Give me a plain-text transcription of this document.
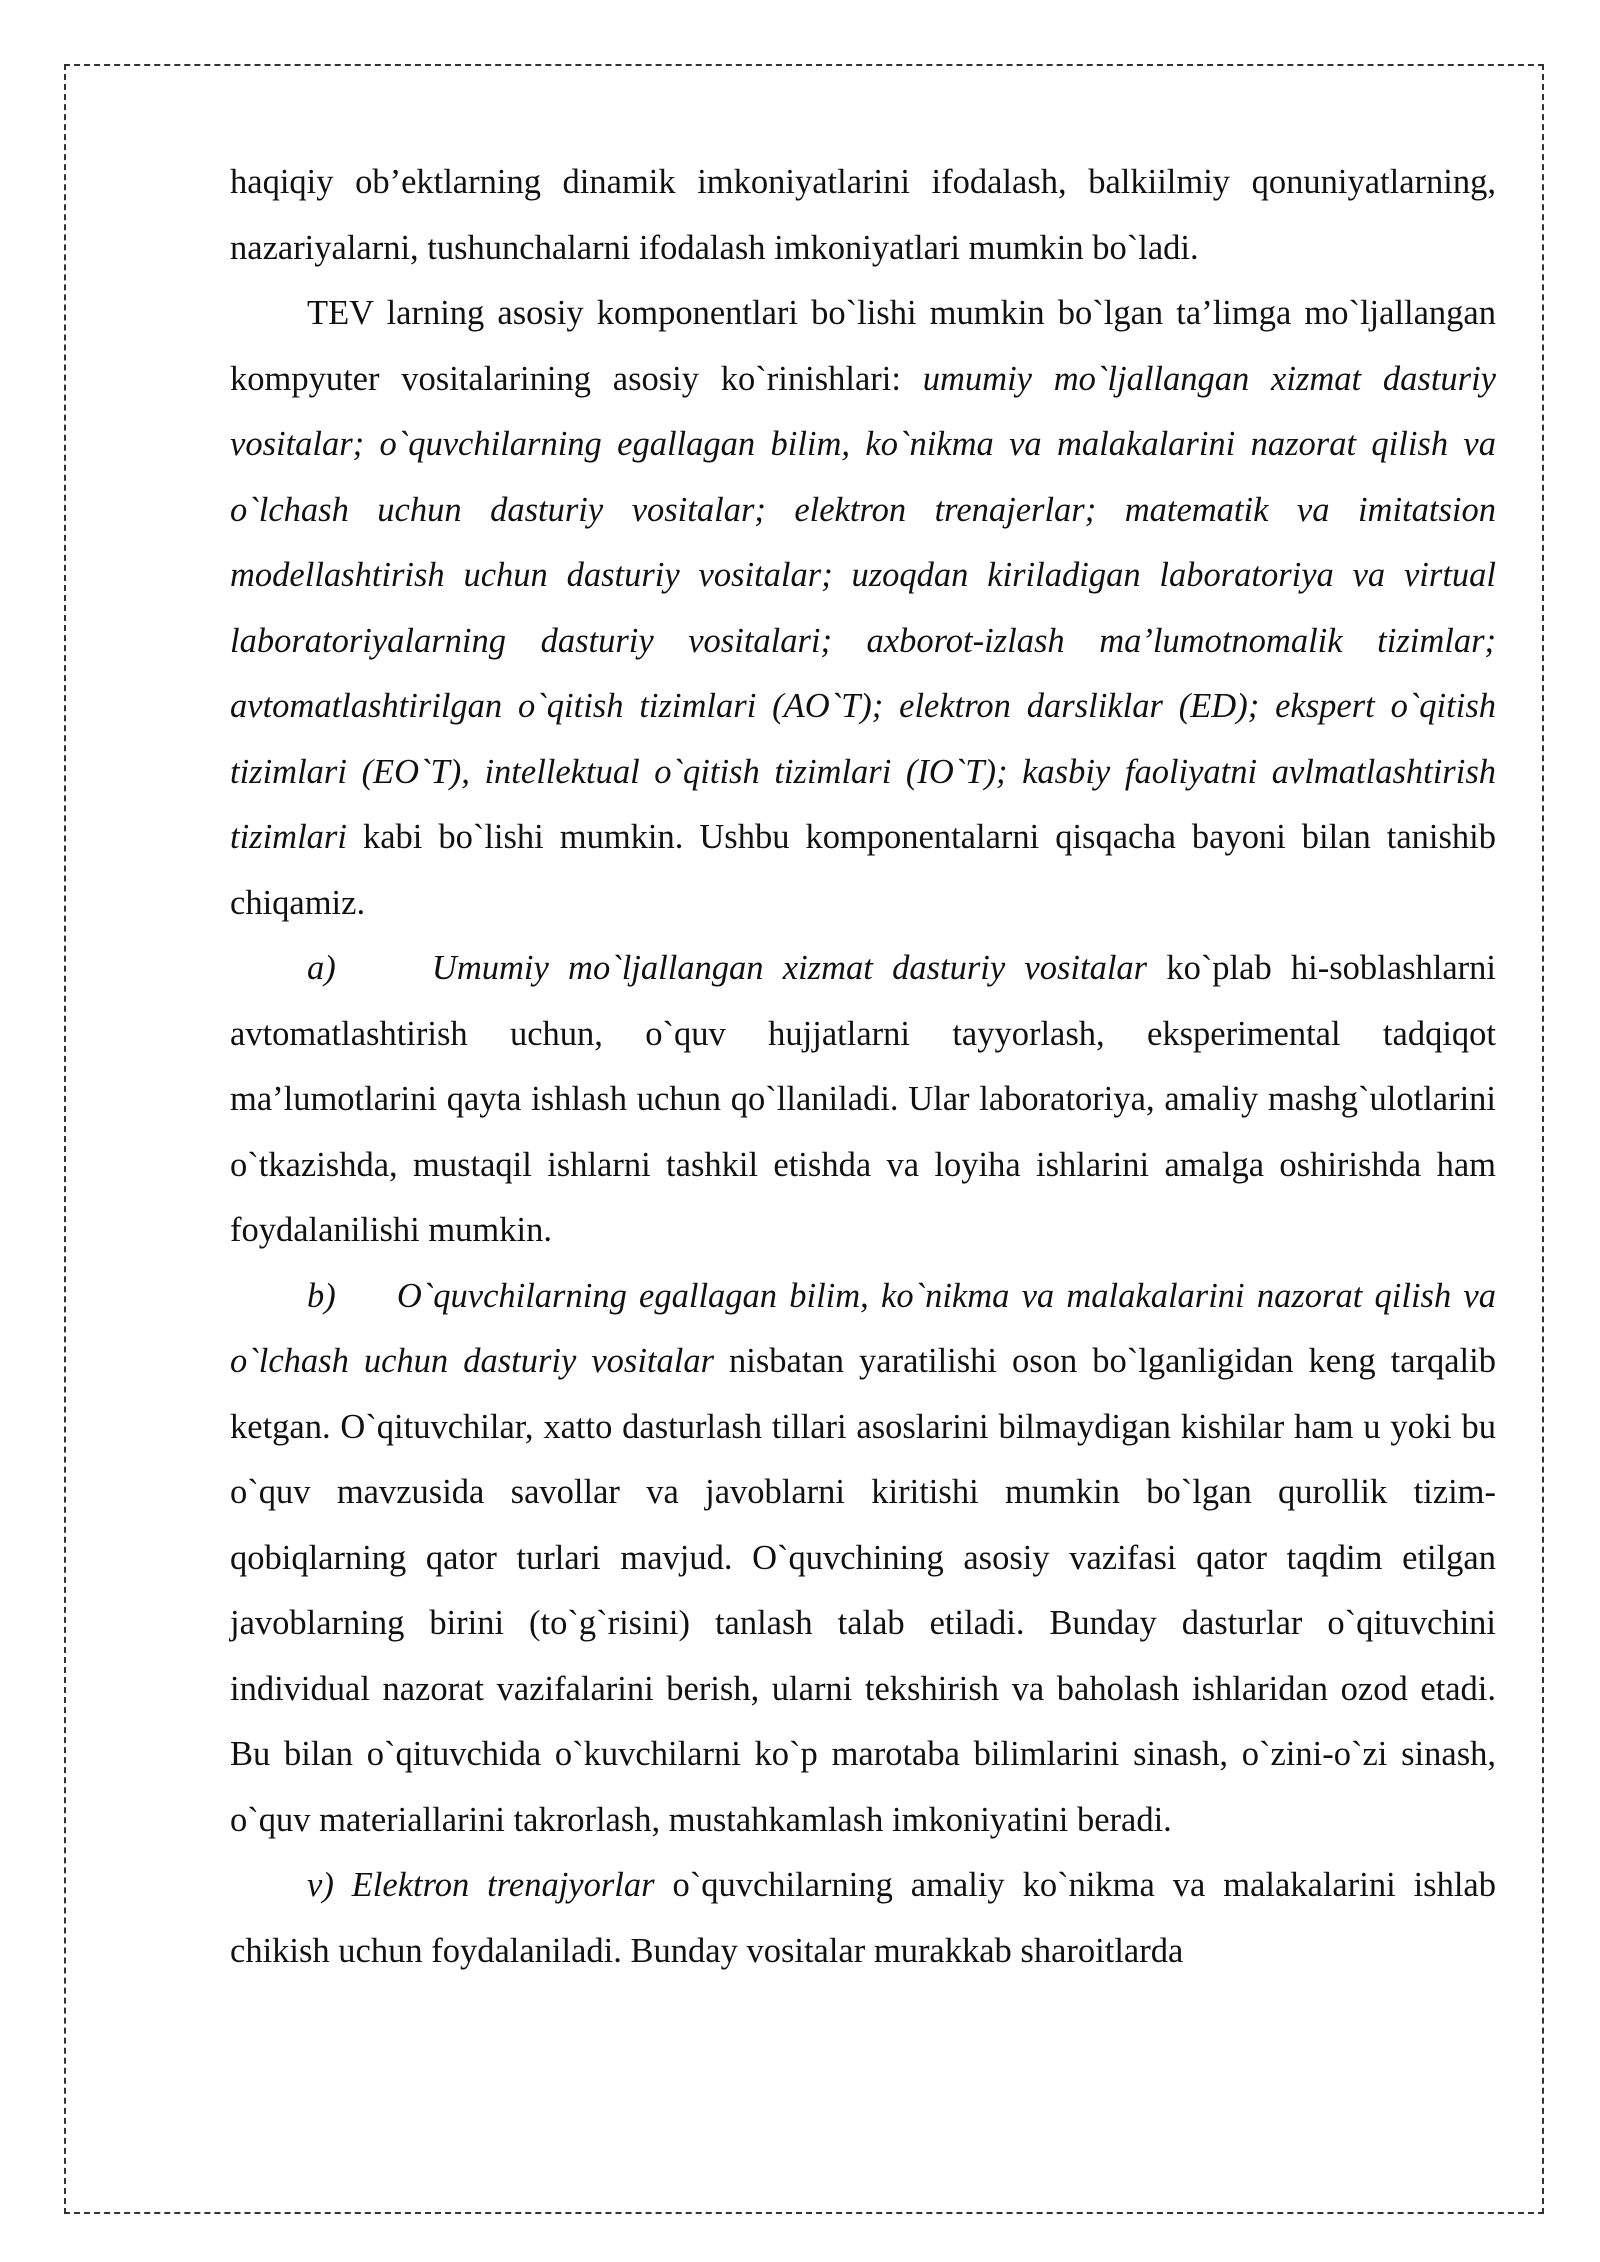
haqiqiy ob’ektlarning dinamik imkoniyatlarini ifodalash, balkiilmiy qonuniyatlarning, nazariyalarni, tushunchalarni ifodalash imkoniyatlari mumkin bo`ladi.

TEV larning asosiy komponentlari bo`lishi mumkin bo`lgan ta’limga mo`ljallangan kompyuter vositalarining asosiy ko`rinishlari: umumiy mo`ljallangan xizmat dasturiy vositalar; o`quvchilarning egallagan bilim, ko`nikma va malakalarini nazorat qilish va o`lchash uchun dasturiy vositalar; elektron trenajerlar; matematik va imitatsion modellashtirish uchun dasturiy vositalar; uzoqdan kiriladigan laboratoriya va virtual laboratoriyalarning dasturiy vositalari; axborot-izlash ma’lumotnomalik tizimlar; avtomatlashtirilgan o`qitish tizimlari (AO`T); elektron darsliklar (ED); ekspert o`qitish tizimlari (EO`T), intellektual o`qitish tizimlari (IO`T); kasbiy faoliyatni avlmatlashtirish tizimlari kabi bo`lishi mumkin. Ushbu komponentalarni qisqacha bayoni bilan tanishib chiqamiz.

a)     Umumiy mo`ljallangan xizmat dasturiy vositalar ko`plab hi-soblashlarni avtomatlashtirish uchun, o`quv hujjatlarni tayyorlash, eksperimental tadqiqot ma’lumotlarini qayta ishlash uchun qo`llaniladi. Ular laboratoriya, amaliy mashg`ulotlarini o`tkazishda, mustaqil ishlarni tashkil etishda va loyiha ishlarini amalga oshirishda ham foydalanilishi mumkin.

b)     O`quvchilarning egallagan bilim, ko`nikma va malakalarini nazorat qilish va o`lchash uchun dasturiy vositalar nisbatan yaratilishi oson bo`lganligidan keng tarqalib ketgan. O`qituvchilar, xatto dasturlash tillari asoslarini bilmaydigan kishilar ham u yoki bu o`quv mavzusida savollar va javoblarni kiritishi mumkin bo`lgan qurollik tizim-qobiqlarning qator turlari mavjud. O`quvchining asosiy vazifasi qator taqdim etilgan javoblarning birini (to`g`risini) tanlash talab etiladi. Bunday dasturlar o`qituvchini individual nazorat vazifalarini berish, ularni tekshirish va baholash ishlaridan ozod etadi. Bu bilan o`qituvchida o`kuvchilarni ko`p marotaba bilimlarini sinash, o`zini-o`zi sinash, o`quv materiallarini takrorlash, mustahkamlash imkoniyatini beradi.

v) Elektron trenajyorlar o`quvchilarning amaliy ko`nikma va malakalarini ishlab chikish uchun foydalaniladi. Bunday vositalar murakkab sharoitlarda
